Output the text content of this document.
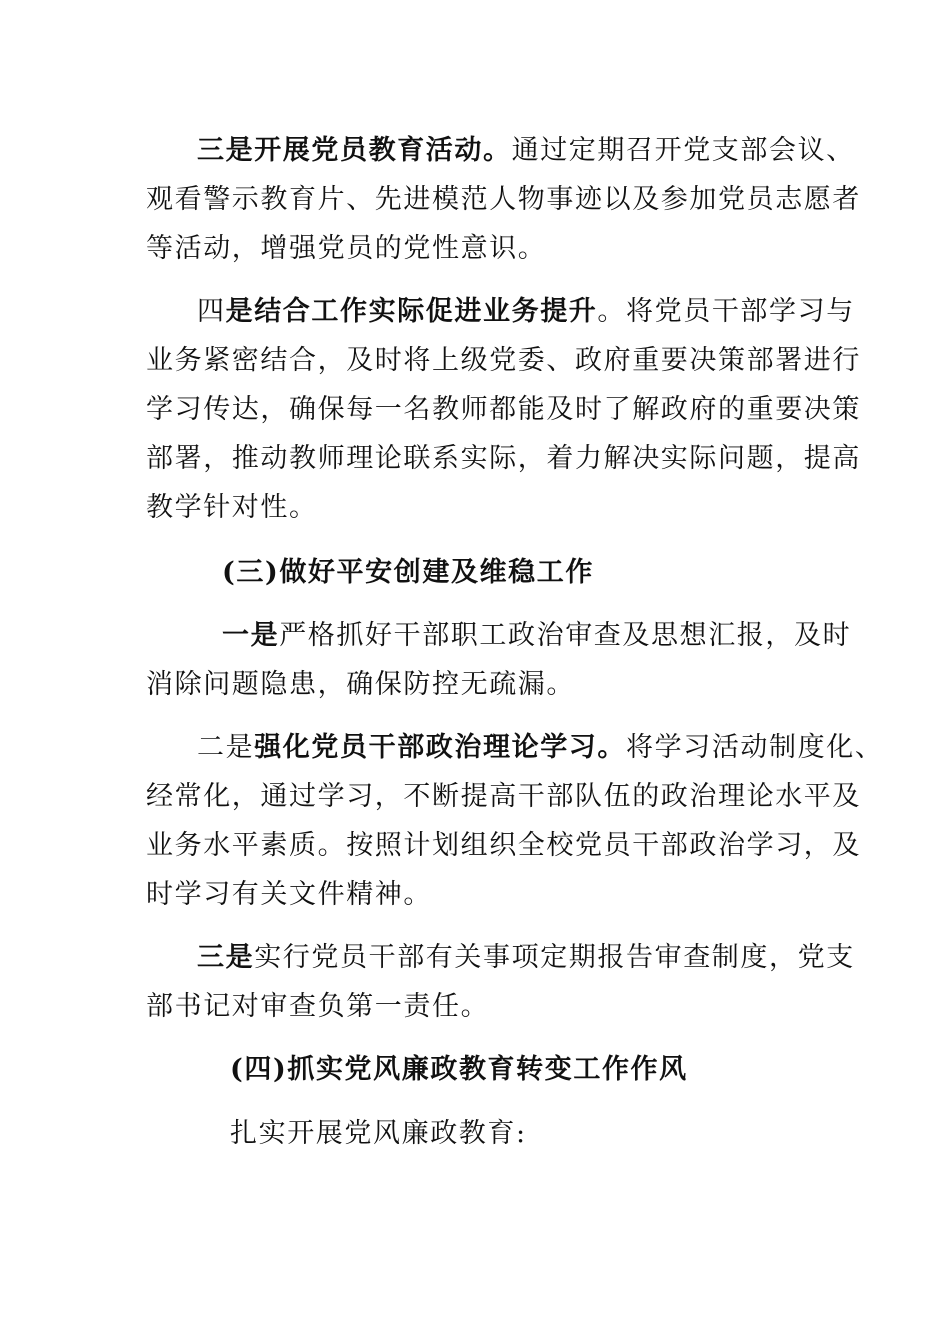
三是开展党员教育活动。通过定期召开党支部会议、
观看警示教育片、先进模范人物事迹以及参加党员志愿者
等活动，增强党员的党性意识。
四是结合工作实际促进业务提升。将党员干部学习与
业务紧密结合，及时将上级党委、政府重要决策部署进行
学习传达，确保每一名教师都能及时了解政府的重要决策
部署，推动教师理论联系实际，着力解决实际问题，提高
教学针对性。
(三)做好平安创建及维稳工作
一是严格抓好干部职工政治审查及思想汇报，及时
消除问题隐患，确保防控无疏漏。
二是强化党员干部政治理论学习。将学习活动制度化、
经常化，通过学习，不断提高干部队伍的政治理论水平及
业务水平素质。按照计划组织全校党员干部政治学习，及
时学习有关文件精神。
三是实行党员干部有关事项定期报告审查制度，党支
部书记对审查负第一责任。
(四)抓实党风廉政教育转变工作作风
扎实开展党风廉政教育:
